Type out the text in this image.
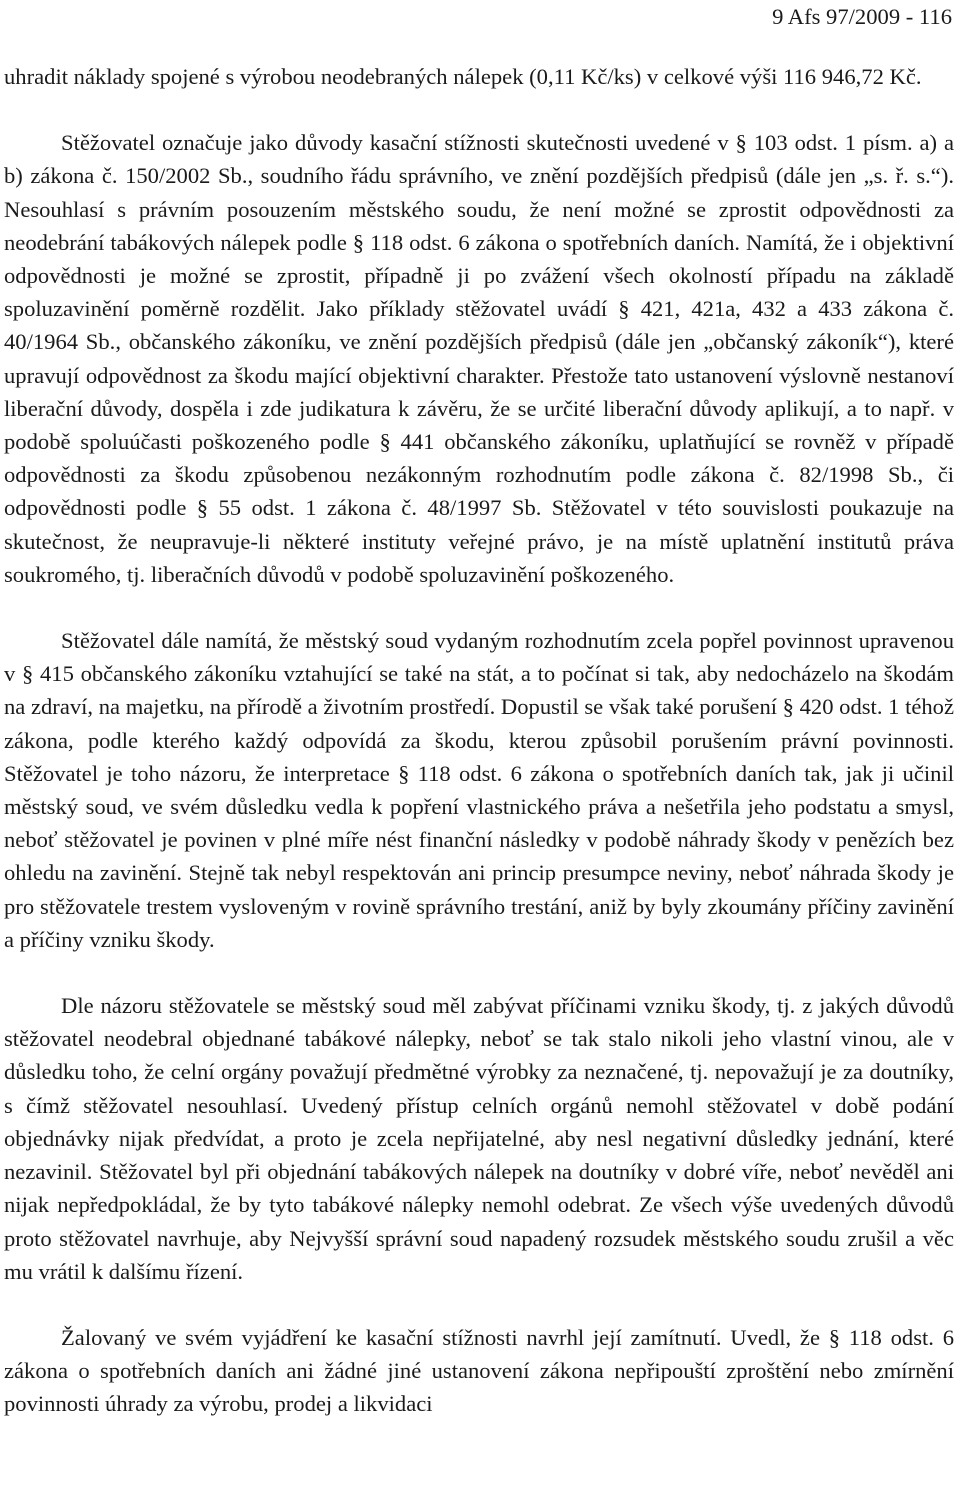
9 Afs 97/2009 - 116

uhradit náklady spojené s výrobou neodebraných nálepek (0,11 Kč/ks) v celkové výši 116 946,72 Kč.

Stěžovatel označuje jako důvody kasační stížnosti skutečnosti uvedené v § 103 odst. 1 písm. a) a b) zákona č. 150/2002 Sb., soudního řádu správního, ve znění pozdějších předpisů (dále jen „s. ř. s.“). Nesouhlasí s právním posouzením městského soudu, že není možné se zprostit odpovědnosti za neodebrání tabákových nálepek podle § 118 odst. 6 zákona o spotřebních daních. Namítá, že i objektivní odpovědnosti je možné se zprostit, případně ji po zvážení všech okolností případu na základě spoluzavinění poměrně rozdělit. Jako příklady stěžovatel uvádí § 421, 421a, 432 a 433 zákona č. 40/1964 Sb., občanského zákoníku, ve znění pozdějších předpisů (dále jen „občanský zákoník“), které upravují odpovědnost za škodu mající objektivní charakter. Přestože tato ustanovení výslovně nestanoví liberační důvody, dospěla i zde judikatura k závěru, že se určité liberační důvody aplikují, a to např. v podobě spoluúčasti poškozeného podle § 441 občanského zákoníku, uplatňující se rovněž v případě odpovědnosti za škodu způsobenou nezákonným rozhodnutím podle zákona č. 82/1998 Sb., či odpovědnosti podle § 55 odst. 1 zákona č. 48/1997 Sb. Stěžovatel v této souvislosti poukazuje na skutečnost, že neupravuje-li některé instituty veřejné právo, je na místě uplatnění institutů práva soukromého, tj. liberačních důvodů v podobě spoluzavinění poškozeného.

Stěžovatel dále namítá, že městský soud vydaným rozhodnutím zcela popřel povinnost upravenou v § 415 občanského zákoníku vztahující se také na stát, a to počínat si tak, aby nedocházelo na škodám na zdraví, na majetku, na přírodě a životním prostředí. Dopustil se však také porušení § 420 odst. 1 téhož zákona, podle kterého každý odpovídá za škodu, kterou způsobil porušením právní povinnosti. Stěžovatel je toho názoru, že interpretace § 118 odst. 6 zákona o spotřebních daních tak, jak ji učinil městský soud, ve svém důsledku vedla k popření vlastnického práva a nešetřila jeho podstatu a smysl, neboť stěžovatel je povinen v plné míře nést finanční následky v podobě náhrady škody v penězích bez ohledu na zavinění. Stejně tak nebyl respektován ani princip presumpce neviny, neboť náhrada škody je pro stěžovatele trestem vysloveným v rovině správního trestání, aniž by byly zkoumány příčiny zavinění a příčiny vzniku škody.

Dle názoru stěžovatele se městský soud měl zabývat příčinami vzniku škody, tj. z jakých důvodů stěžovatel neodebral objednané tabákové nálepky, neboť se tak stalo nikoli jeho vlastní vinou, ale v důsledku toho, že celní orgány považují předmětné výrobky za neznačené, tj. nepovažují je za doutníky, s čímž stěžovatel nesouhlasí. Uvedený přístup celních orgánů nemohl stěžovatel v době podání objednávky nijak předvídat, a proto je zcela nepřijatelné, aby nesl negativní důsledky jednání, které nezavinil. Stěžovatel byl při objednání tabákových nálepek na doutníky v dobré víře, neboť nevěděl ani nijak nepředpokládal, že by tyto tabákové nálepky nemohl odebrat. Ze všech výše uvedených důvodů proto stěžovatel navrhuje, aby Nejvyšší správní soud napadený rozsudek městského soudu zrušil a věc mu vrátil k dalšímu řízení.

Žalovaný ve svém vyjádření ke kasační stížnosti navrhl její zamítnutí. Uvedl, že § 118 odst. 6 zákona o spotřebních daních ani žádné jiné ustanovení zákona nepřipouští zproštění nebo zmírnění povinnosti úhrady za výrobu, prodej a likvidaci
